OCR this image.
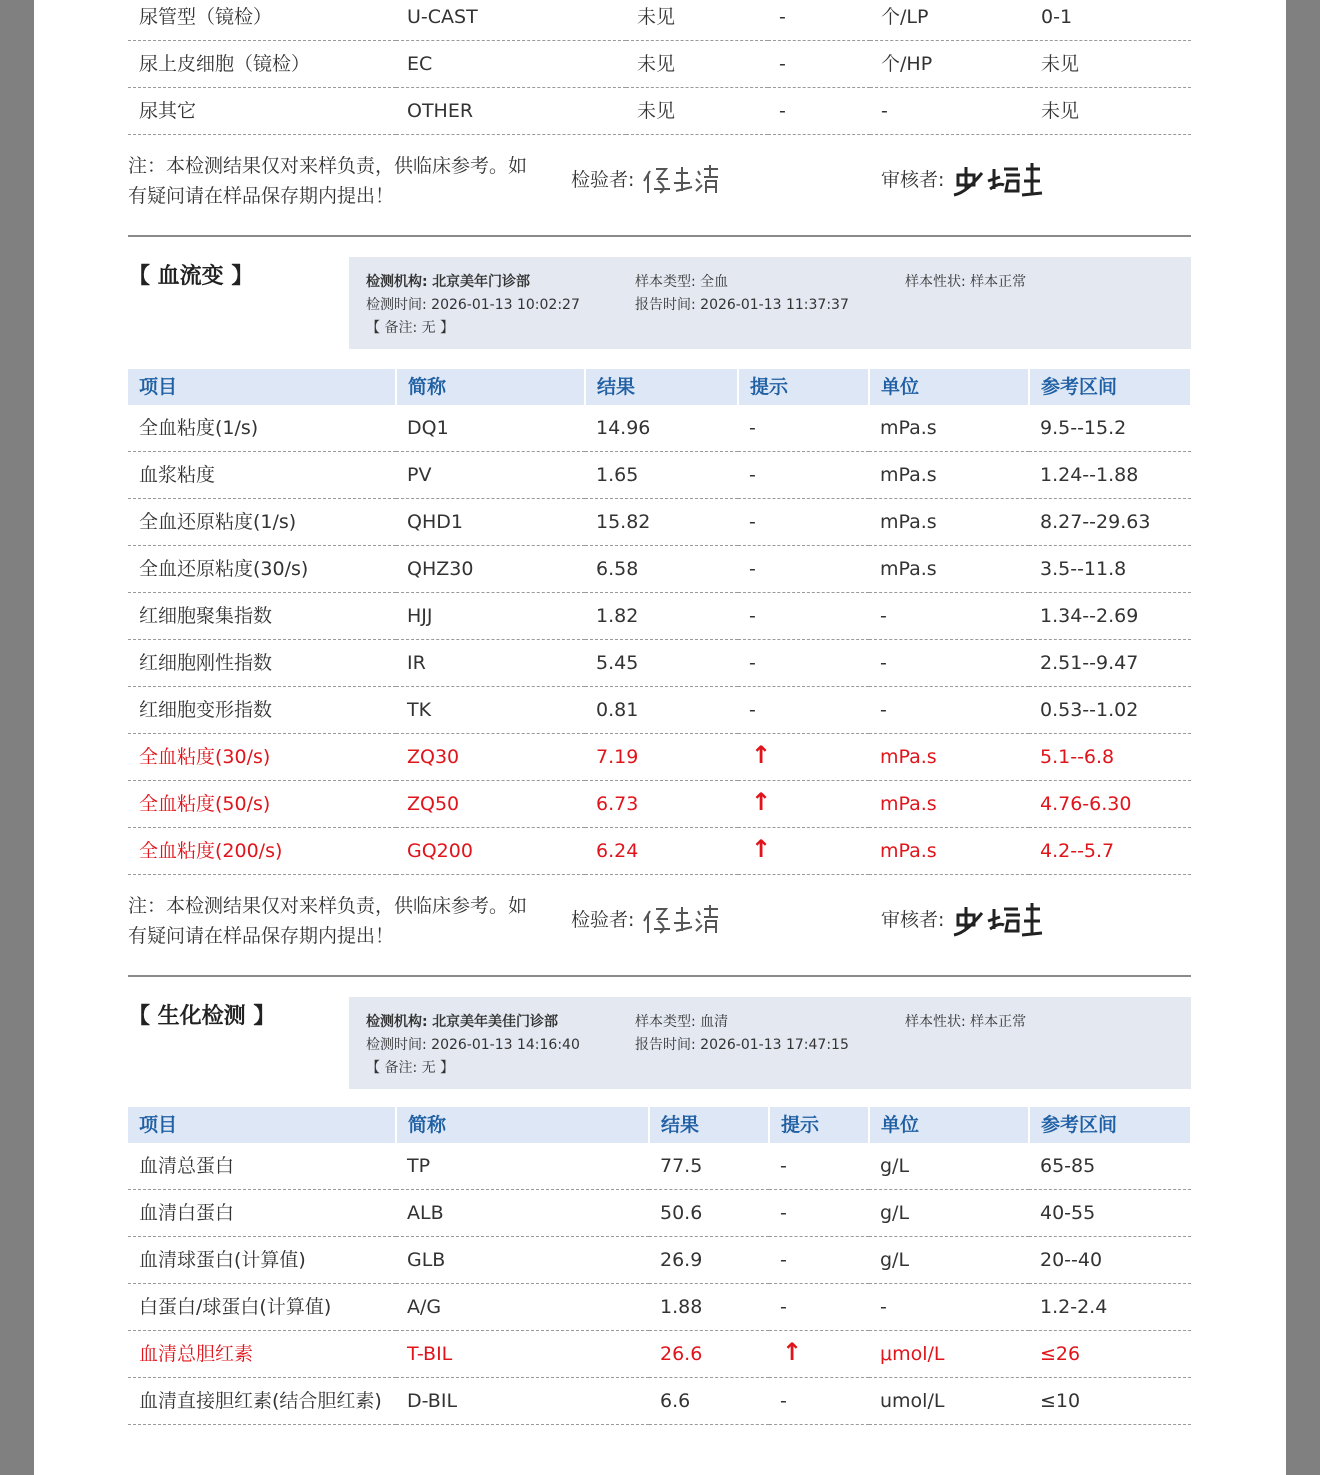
尿管型（镜检）	U-CAST	未见	-	个/LP	0-1
尿上皮细胞（镜检）	EC	未见	-	个/HP	未见
尿其它	OTHER	未见	-	-	未见
注：本检测结果仅对来样负责，供临床参考。如有疑问请在样品保存期内提出！
检验者:	审核者:
【 血流变 】	检测机构: 北京美年门诊部	样本类型: 全血	样本性状: 样本正常
检测时间: 2026-01-13 10:02:27	报告时间: 2026-01-13 11:37:37
【 备注: 无 】
项目	简称	结果	提示	单位	参考区间
全血粘度(1/s)	DQ1	14.96	-	mPa.s	9.5--15.2
血浆粘度	PV	1.65	-	mPa.s	1.24--1.88
全血还原粘度(1/s)	QHD1	15.82	-	mPa.s	8.27--29.63
全血还原粘度(30/s)	QHZ30	6.58	-	mPa.s	3.5--11.8
红细胞聚集指数	HJJ	1.82	-	-	1.34--2.69
红细胞刚性指数	IR	5.45	-	-	2.51--9.47
红细胞变形指数	TK	0.81	-	-	0.53--1.02
全血粘度(30/s)	ZQ30	7.19	↑	mPa.s	5.1--6.8
全血粘度(50/s)	ZQ50	6.73	↑	mPa.s	4.76-6.30
全血粘度(200/s)	GQ200	6.24	↑	mPa.s	4.2--5.7
注：本检测结果仅对来样负责，供临床参考。如有疑问请在样品保存期内提出！
检验者:	审核者:
【 生化检测 】	检测机构: 北京美年美佳门诊部	样本类型: 血清	样本性状: 样本正常
检测时间: 2026-01-13 14:16:40	报告时间: 2026-01-13 17:47:15
【 备注: 无 】
项目	简称	结果	提示	单位	参考区间
血清总蛋白	TP	77.5	-	g/L	65-85
血清白蛋白	ALB	50.6	-	g/L	40-55
血清球蛋白(计算值)	GLB	26.9	-	g/L	20--40
白蛋白/球蛋白(计算值)	A/G	1.88	-	-	1.2-2.4
血清总胆红素	T-BIL	26.6	↑	μmol/L	≤26
血清直接胆红素(结合胆红素)	D-BIL	6.6	-	umol/L	≤10
